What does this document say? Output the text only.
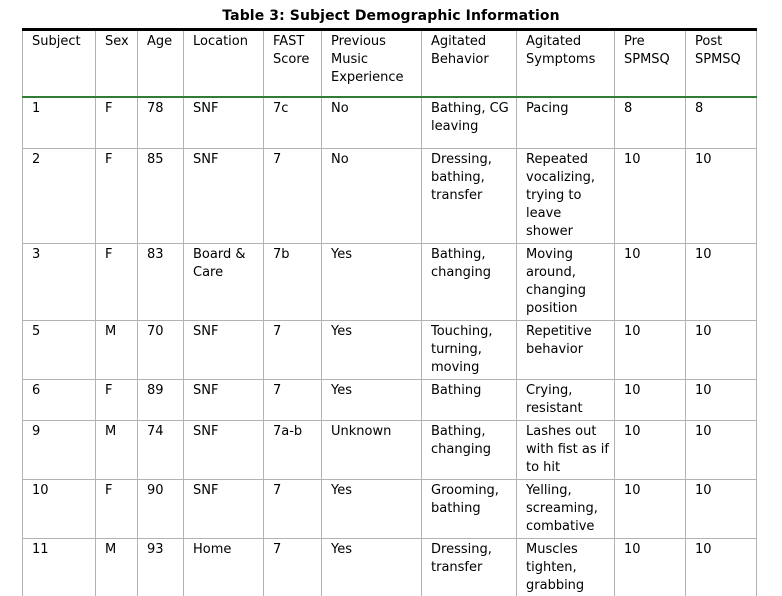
Table 3: Subject Demographic Information
Subject	Sex	Age	Location	FAST Score	Previous Music Experience	Agitated Behavior	Agitated Symptoms	Pre SPMSQ	Post SPMSQ
1	F	78	SNF	7c	No	Bathing, CG leaving	Pacing	8	8
2	F	85	SNF	7	No	Dressing, bathing, transfer	Repeated vocalizing, trying to leave shower	10	10
3	F	83	Board & Care	7b	Yes	Bathing, changing	Moving around, changing position	10	10
5	M	70	SNF	7	Yes	Touching, turning, moving	Repetitive behavior	10	10
6	F	89	SNF	7	Yes	Bathing	Crying, resistant	10	10
9	M	74	SNF	7a-b	Unknown	Bathing, changing	Lashes out with fist as if to hit	10	10
10	F	90	SNF	7	Yes	Grooming, bathing	Yelling, screaming, combative	10	10
11	M	93	Home	7	Yes	Dressing, transfer	Muscles tighten, grabbing	10	10
